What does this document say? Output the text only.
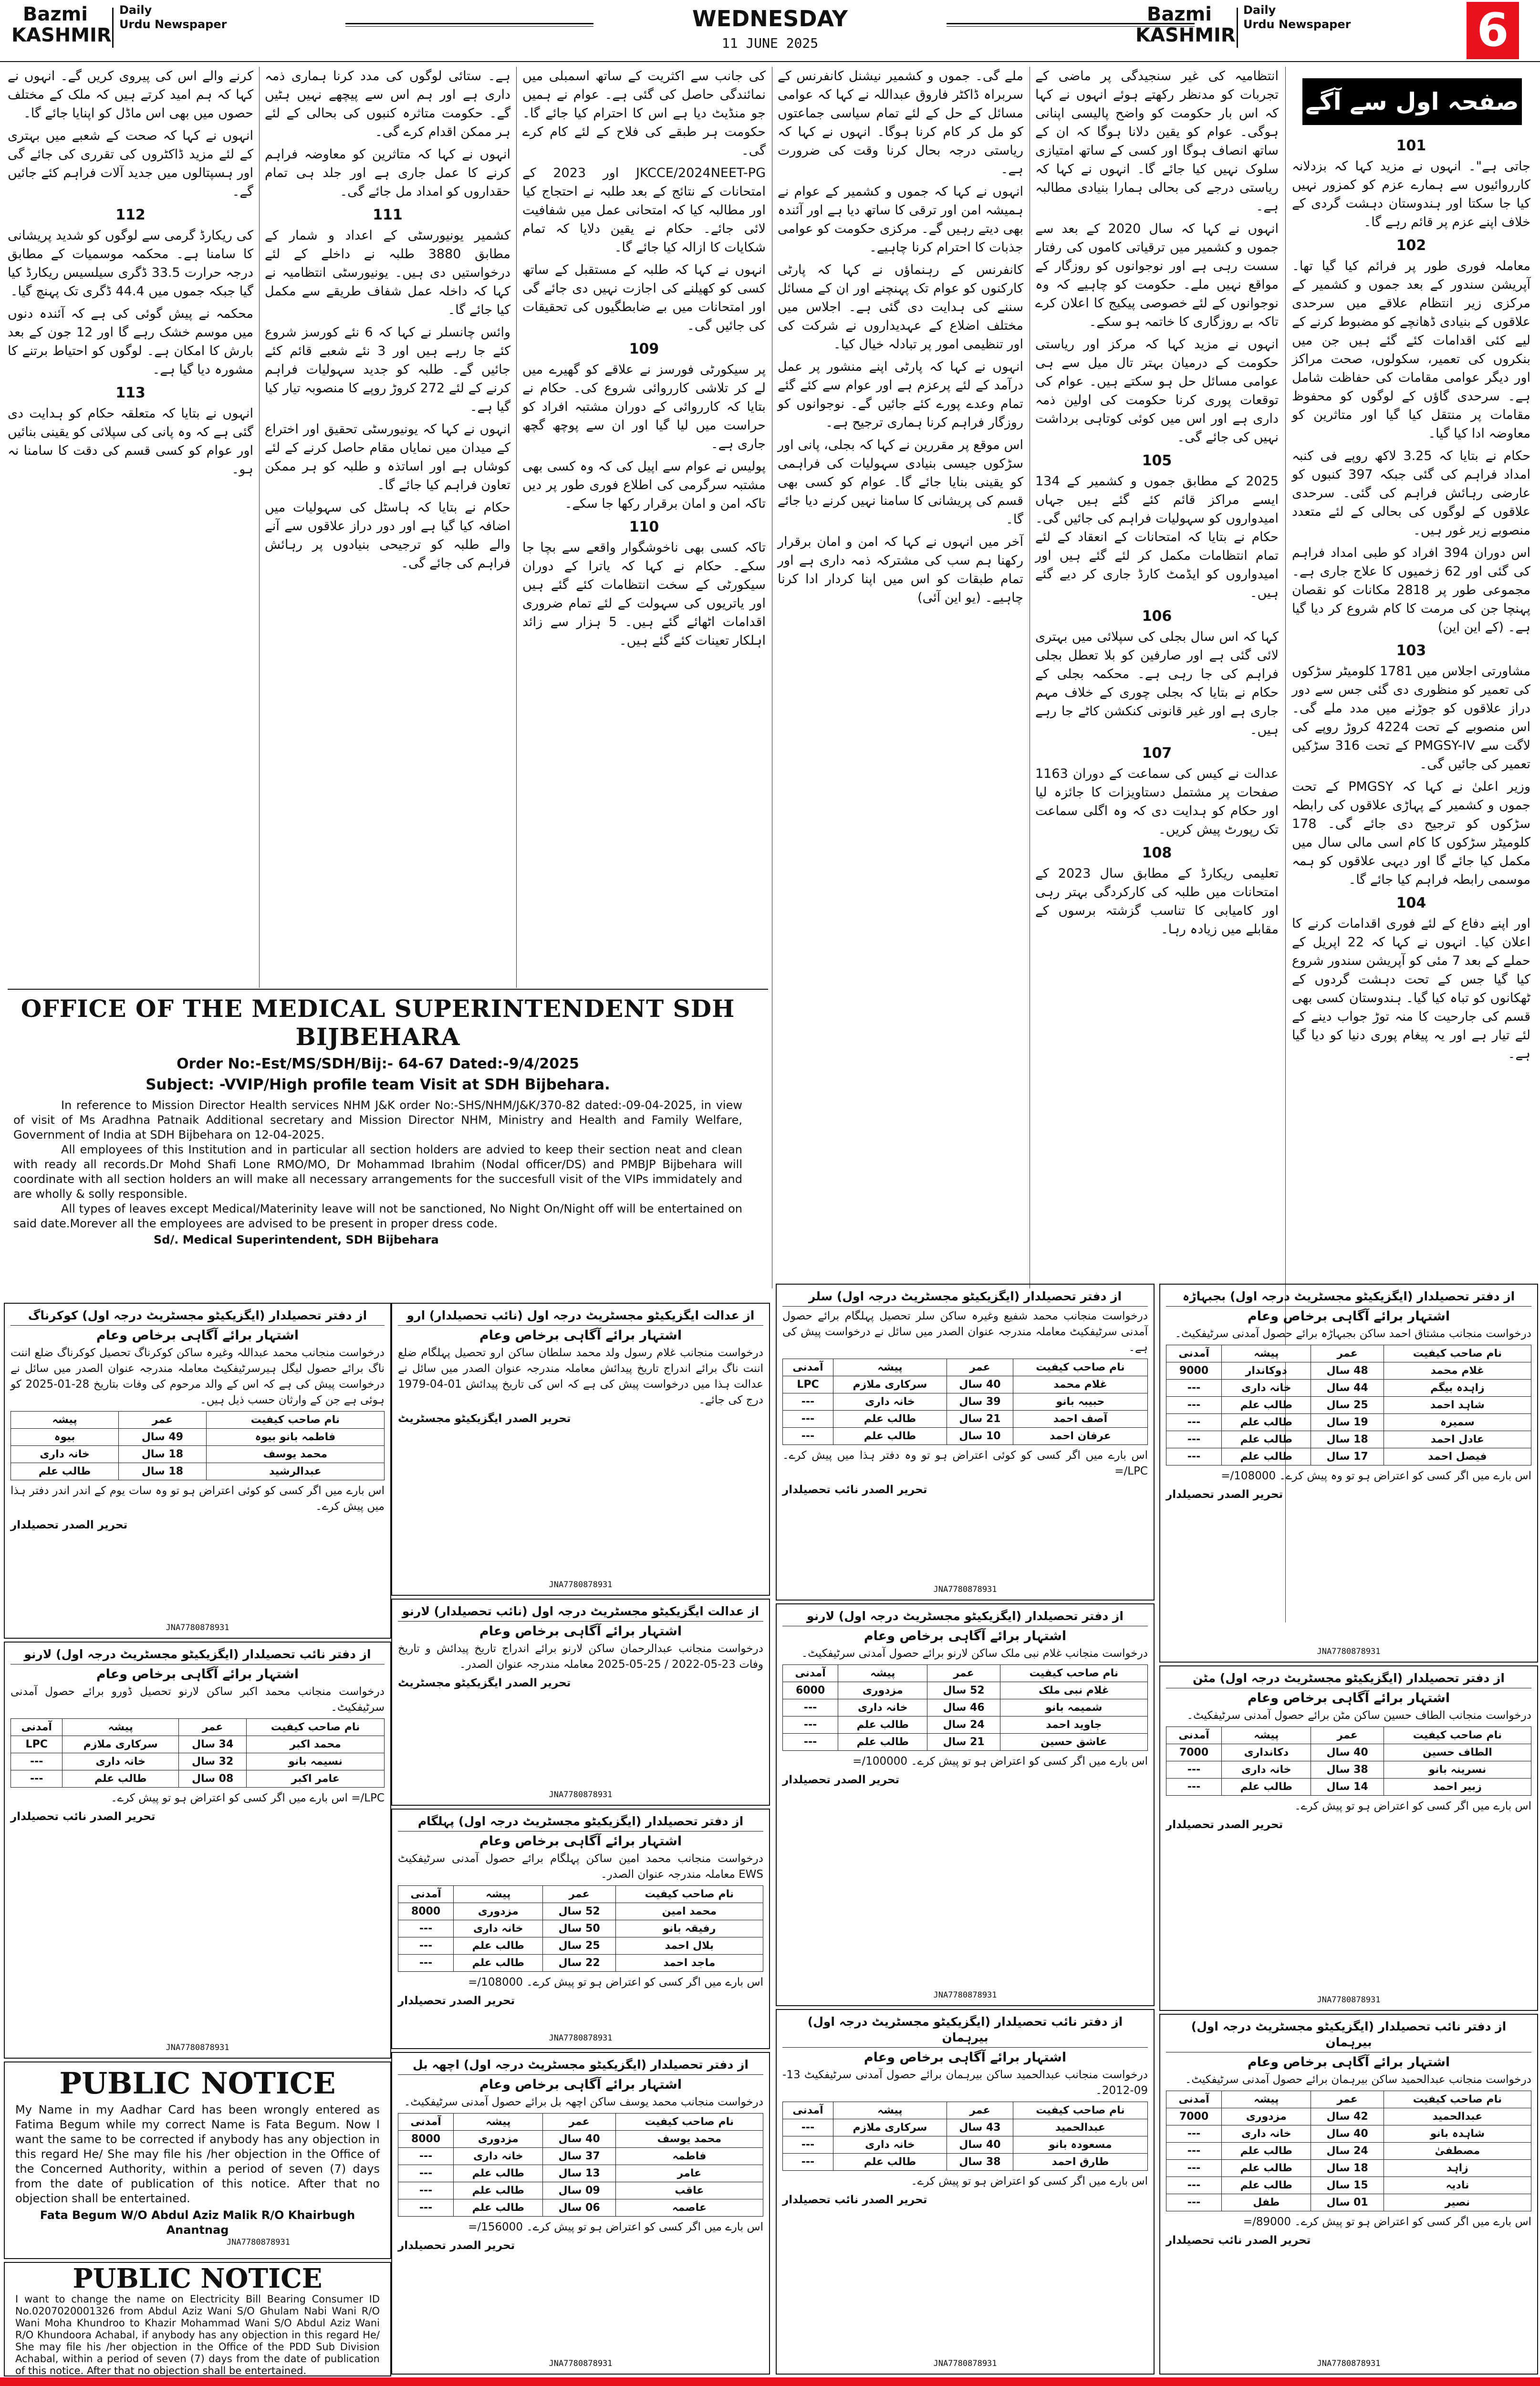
Bazmi
KASHMIR
Daily
Urdu Newspaper	WEDNESDAY
11 JUNE 2025
Bazmi
KASHMIR
Daily
Urdu Newspaper	6
صفحہ اول سے آگے
101

جاتی ہے"۔ انہوں نے مزید کہا کہ بزدلانہ کارروائیوں سے ہمارے عزم کو کمزور نہیں کیا جا سکتا اور ہندوستان دہشت گردی کے خلاف اپنے عزم پر قائم رہے گا۔

102

معاملہ فوری طور پر فرائم کیا گیا تھا۔ آپریشن سندور کے بعد جموں و کشمیر کے مرکزی زیر انتظام علاقے میں سرحدی علاقوں کے بنیادی ڈھانچے کو مضبوط کرنے کے لیے کئی اقدامات کئے گئے ہیں جن میں بنکروں کی تعمیر، سکولوں، صحت مراکز اور دیگر عوامی مقامات کی حفاظت شامل ہے۔ سرحدی گاؤں کے لوگوں کو محفوظ مقامات پر منتقل کیا گیا اور متاثرین کو معاوضہ ادا کیا گیا۔

حکام نے بتایا کہ 3.25 لاکھ روپے فی کنبہ امداد فراہم کی گئی جبکہ 397 کنبوں کو عارضی رہائش فراہم کی گئی۔ سرحدی علاقوں کے لوگوں کی بحالی کے لئے متعدد منصوبے زیر غور ہیں۔

اس دوران 394 افراد کو طبی امداد فراہم کی گئی اور 62 زخمیوں کا علاج جاری ہے۔ مجموعی طور پر 2818 مکانات کو نقصان پہنچا جن کی مرمت کا کام شروع کر دیا گیا ہے۔ (کے این این)

103

مشاورتی اجلاس میں 1781 کلومیٹر سڑکوں کی تعمیر کو منظوری دی گئی جس سے دور دراز علاقوں کو جوڑنے میں مدد ملے گی۔ اس منصوبے کے تحت 4224 کروڑ روپے کی لاگت سے PMGSY-IV کے تحت 316 سڑکیں تعمیر کی جائیں گی۔

وزیر اعلیٰ نے کہا کہ PMGSY کے تحت جموں و کشمیر کے پہاڑی علاقوں کی رابطہ سڑکوں کو ترجیح دی جائے گی۔ 178 کلومیٹر سڑکوں کا کام اسی مالی سال میں مکمل کیا جائے گا اور دیہی علاقوں کو ہمہ موسمی رابطہ فراہم کیا جائے گا۔

104

اور اپنے دفاع کے لئے فوری اقدامات کرنے کا اعلان کیا۔ انہوں نے کہا کہ 22 اپریل کے حملے کے بعد 7 مئی کو آپریشن سندور شروع کیا گیا جس کے تحت دہشت گردوں کے ٹھکانوں کو تباہ کیا گیا۔ ہندوستان کسی بھی قسم کی جارحیت کا منہ توڑ جواب دینے کے لئے تیار ہے اور یہ پیغام پوری دنیا کو دیا گیا ہے۔

انتظامیہ کی غیر سنجیدگی پر ماضی کے تجربات کو مدنظر رکھتے ہوئے انہوں نے کہا کہ اس بار حکومت کو واضح پالیسی اپنانی ہوگی۔ عوام کو یقین دلانا ہوگا کہ ان کے ساتھ انصاف ہوگا اور کسی کے ساتھ امتیازی سلوک نہیں کیا جائے گا۔ انہوں نے کہا کہ ریاستی درجے کی بحالی ہمارا بنیادی مطالبہ ہے۔

انہوں نے کہا کہ سال 2020 کے بعد سے جموں و کشمیر میں ترقیاتی کاموں کی رفتار سست رہی ہے اور نوجوانوں کو روزگار کے مواقع نہیں ملے۔ حکومت کو چاہیے کہ وہ نوجوانوں کے لئے خصوصی پیکیج کا اعلان کرے تاکہ بے روزگاری کا خاتمہ ہو سکے۔

انہوں نے مزید کہا کہ مرکز اور ریاستی حکومت کے درمیان بہتر تال میل سے ہی عوامی مسائل حل ہو سکتے ہیں۔ عوام کی توقعات پوری کرنا حکومت کی اولین ذمہ داری ہے اور اس میں کوئی کوتاہی برداشت نہیں کی جائے گی۔

105

2025 کے مطابق جموں و کشمیر کے 134 ایسے مراکز قائم کئے گئے ہیں جہاں امیدواروں کو سہولیات فراہم کی جائیں گی۔ حکام نے بتایا کہ امتحانات کے انعقاد کے لئے تمام انتظامات مکمل کر لئے گئے ہیں اور امیدواروں کو ایڈمٹ کارڈ جاری کر دیے گئے ہیں۔

106

کہا کہ اس سال بجلی کی سپلائی میں بہتری لائی گئی ہے اور صارفین کو بلا تعطل بجلی فراہم کی جا رہی ہے۔ محکمہ بجلی کے حکام نے بتایا کہ بجلی چوری کے خلاف مہم جاری ہے اور غیر قانونی کنکشن کاٹے جا رہے ہیں۔

107

عدالت نے کیس کی سماعت کے دوران 1163 صفحات پر مشتمل دستاویزات کا جائزہ لیا اور حکام کو ہدایت دی کہ وہ اگلی سماعت تک رپورٹ پیش کریں۔

108

تعلیمی ریکارڈ کے مطابق سال 2023 کے امتحانات میں طلبہ کی کارکردگی بہتر رہی اور کامیابی کا تناسب گزشتہ برسوں کے مقابلے میں زیادہ رہا۔

ملے گی۔ جموں و کشمیر نیشنل کانفرنس کے سربراہ ڈاکٹر فاروق عبداللہ نے کہا کہ عوامی مسائل کے حل کے لئے تمام سیاسی جماعتوں کو مل کر کام کرنا ہوگا۔ انہوں نے کہا کہ ریاستی درجہ بحال کرنا وقت کی ضرورت ہے۔

انہوں نے کہا کہ جموں و کشمیر کے عوام نے ہمیشہ امن اور ترقی کا ساتھ دیا ہے اور آئندہ بھی دیتے رہیں گے۔ مرکزی حکومت کو عوامی جذبات کا احترام کرنا چاہیے۔

کانفرنس کے رہنماؤں نے کہا کہ پارٹی کارکنوں کو عوام تک پہنچنے اور ان کے مسائل سننے کی ہدایت دی گئی ہے۔ اجلاس میں مختلف اضلاع کے عہدیداروں نے شرکت کی اور تنظیمی امور پر تبادلہ خیال کیا۔

انہوں نے کہا کہ پارٹی اپنے منشور پر عمل درآمد کے لئے پرعزم ہے اور عوام سے کئے گئے تمام وعدے پورے کئے جائیں گے۔ نوجوانوں کو روزگار فراہم کرنا ہماری ترجیح ہے۔

اس موقع پر مقررین نے کہا کہ بجلی، پانی اور سڑکوں جیسی بنیادی سہولیات کی فراہمی کو یقینی بنایا جائے گا۔ عوام کو کسی بھی قسم کی پریشانی کا سامنا نہیں کرنے دیا جائے گا۔

آخر میں انہوں نے کہا کہ امن و امان برقرار رکھنا ہم سب کی مشترکہ ذمہ داری ہے اور تمام طبقات کو اس میں اپنا کردار ادا کرنا چاہیے۔ (یو این آئی)

کی جانب سے اکثریت کے ساتھ اسمبلی میں نمائندگی حاصل کی گئی ہے۔ عوام نے ہمیں جو منڈیٹ دیا ہے اس کا احترام کیا جائے گا۔ حکومت ہر طبقے کی فلاح کے لئے کام کرے گی۔

JKCCE/2024NEET-PG اور 2023 کے امتحانات کے نتائج کے بعد طلبہ نے احتجاج کیا اور مطالبہ کیا کہ امتحانی عمل میں شفافیت لائی جائے۔ حکام نے یقین دلایا کہ تمام شکایات کا ازالہ کیا جائے گا۔

انہوں نے کہا کہ طلبہ کے مستقبل کے ساتھ کسی کو کھیلنے کی اجازت نہیں دی جائے گی اور امتحانات میں بے ضابطگیوں کی تحقیقات کی جائیں گی۔

109

پر سیکورٹی فورسز نے علاقے کو گھیرے میں لے کر تلاشی کارروائی شروع کی۔ حکام نے بتایا کہ کارروائی کے دوران مشتبہ افراد کو حراست میں لیا گیا اور ان سے پوچھ گچھ جاری ہے۔

پولیس نے عوام سے اپیل کی کہ وہ کسی بھی مشتبہ سرگرمی کی اطلاع فوری طور پر دیں تاکہ امن و امان برقرار رکھا جا سکے۔

110

تاکہ کسی بھی ناخوشگوار واقعے سے بچا جا سکے۔ حکام نے کہا کہ یاترا کے دوران سیکورٹی کے سخت انتظامات کئے گئے ہیں اور یاتریوں کی سہولت کے لئے تمام ضروری اقدامات اٹھائے گئے ہیں۔ 5 ہزار سے زائد اہلکار تعینات کئے گئے ہیں۔

ہے۔ ستائی لوگوں کی مدد کرنا ہماری ذمہ داری ہے اور ہم اس سے پیچھے نہیں ہٹیں گے۔ حکومت متاثرہ کنبوں کی بحالی کے لئے ہر ممکن اقدام کرے گی۔

انہوں نے کہا کہ متاثرین کو معاوضہ فراہم کرنے کا عمل جاری ہے اور جلد ہی تمام حقداروں کو امداد مل جائے گی۔

111

کشمیر یونیورسٹی کے اعداد و شمار کے مطابق 3880 طلبہ نے داخلے کے لئے درخواستیں دی ہیں۔ یونیورسٹی انتظامیہ نے کہا کہ داخلہ عمل شفاف طریقے سے مکمل کیا جائے گا۔

وائس چانسلر نے کہا کہ 6 نئے کورسز شروع کئے جا رہے ہیں اور 3 نئے شعبے قائم کئے جائیں گے۔ طلبہ کو جدید سہولیات فراہم کرنے کے لئے 272 کروڑ روپے کا منصوبہ تیار کیا گیا ہے۔

انہوں نے کہا کہ یونیورسٹی تحقیق اور اختراع کے میدان میں نمایاں مقام حاصل کرنے کے لئے کوشاں ہے اور اساتذہ و طلبہ کو ہر ممکن تعاون فراہم کیا جائے گا۔

حکام نے بتایا کہ ہاسٹل کی سہولیات میں اضافہ کیا گیا ہے اور دور دراز علاقوں سے آنے والے طلبہ کو ترجیحی بنیادوں پر رہائش فراہم کی جائے گی۔

کرنے والے اس کی پیروی کریں گے۔ انہوں نے کہا کہ ہم امید کرتے ہیں کہ ملک کے مختلف حصوں میں بھی اس ماڈل کو اپنایا جائے گا۔

انہوں نے کہا کہ صحت کے شعبے میں بہتری کے لئے مزید ڈاکٹروں کی تقرری کی جائے گی اور ہسپتالوں میں جدید آلات فراہم کئے جائیں گے۔

112

کی ریکارڈ گرمی سے لوگوں کو شدید پریشانی کا سامنا ہے۔ محکمہ موسمیات کے مطابق درجہ حرارت 33.5 ڈگری سیلسیس ریکارڈ کیا گیا جبکہ جموں میں 44.4 ڈگری تک پہنچ گیا۔

محکمہ نے پیش گوئی کی ہے کہ آئندہ دنوں میں موسم خشک رہے گا اور 12 جون کے بعد بارش کا امکان ہے۔ لوگوں کو احتیاط برتنے کا مشورہ دیا گیا ہے۔

113

انہوں نے بتایا کہ متعلقہ حکام کو ہدایت دی گئی ہے کہ وہ پانی کی سپلائی کو یقینی بنائیں اور عوام کو کسی قسم کی دقت کا سامنا نہ ہو۔

OFFICE OF THE MEDICAL SUPERINTENDENT SDH BIJBEHARA
Order No:-Est/MS/SDH/Bij:- 64-67 Dated:-9/4/2025
Subject: -VVIP/High profile team Visit at SDH Bijbehara.

In reference to Mission Director Health services NHM J&K order No:-SHS/NHM/J&K/370-82 dated:-09-04-2025, in view of visit of Ms Aradhna Patnaik Additional secretary and Mission Director NHM, Ministry and Health and Family Welfare, Government of India at SDH Bijbehara on 12-04-2025.

All employees of this Institution and in particular all section holders are advied to keep their section neat and clean with ready all records.Dr Mohd Shafi Lone RMO/MO, Dr Mohammad Ibrahim (Nodal officer/DS) and PMBJP Bijbehara will coordinate with all section holders an will make all necessary arrangements for the succesfull visit of the VIPs immidately and are wholly & solly responsible.

All types of leaves except Medical/Materinity leave will not be sanctioned, No Night On/Night off will be entertained on said date.Morever all the employees are advised to be present in proper dress code.

Sd/. Medical Superintendent, SDH Bijbehara
از دفتر تحصیلدار (ایگزیکیٹو مجسٹریٹ درجہ اول) کوکرناگ
اشتہار برائے آگاہی برخاص وعام

درخواست منجانب محمد عبداللہ وغیرہ ساکن کوکرناگ تحصیل کوکرناگ ضلع اننت ناگ برائے حصول لیگل ہیرسرٹیفکیٹ معاملہ مندرجہ عنوان الصدر میں سائل نے درخواست پیش کی ہے کہ اس کے والد مرحوم کی وفات بتاریخ 28-01-2025 کو ہوئی ہے جن کے وارثان حسب ذیل ہیں۔

نام صاحب کیفیت	عمر	پیشہ
فاطمہ بانو بیوہ	49 سال	بیوہ
محمد یوسف	18 سال	خانہ داری
عبدالرشید	18 سال	طالب علم

اس بارے میں اگر کسی کو کوئی اعتراض ہو تو وہ سات یوم کے اندر اندر دفتر ہذا میں پیش کرے۔

تحریر الصدر تحصیلدار
JNA7780878931
از دفتر نائب تحصیلدار (ایگزیکیٹو مجسٹریٹ درجہ اول) لارنو
اشتہار برائے آگاہی برخاص وعام

درخواست منجانب محمد اکبر ساکن لارنو تحصیل ڈورو برائے حصول آمدنی سرٹیفکیٹ۔

نام صاحب کیفیت	عمر	پیشہ	آمدنی
محمد اکبر	34 سال	سرکاری ملازم	LPC
نسیمہ بانو	32 سال	خانہ داری	---
عامر اکبر	08 سال	طالب علم	---

LPC/= اس بارے میں اگر کسی کو اعتراض ہو تو پیش کرے۔

تحریر الصدر نائب تحصیلدار
JNA7780878931
PUBLIC NOTICE
My Name in my Aadhar Card has been wrongly entered as Fatima Begum while my correct Name is Fata Begum. Now I want the same to be corrected if anybody has any objection in this regard He/ She may file his /her objection in the Office of the Concerned Authority, within a period of seven (7) days from the date of publication of this notice. After that no objection shall be entertained.
Fata Begum W/O Abdul Aziz Malik R/O Khairbugh Anantnag
JNA7780878931
PUBLIC NOTICE
I want to change the name on Electricity Bill Bearing Consumer ID No.0207020001326 from Abdul Aziz Wani S/O Ghulam Nabi Wani R/O Wani Moha Khundroo to Khazir Mohammad Wani S/O Abdul Aziz Wani R/O Khundoora Achabal, if anybody has any objection in this regard He/ She may file his /her objection in the Office of the PDD Sub Division Achabal, within a period of seven (7) days from the date of publication of this notice. After that no objection shall be entertained.
از عدالت ایگزیکیٹو مجسٹریٹ درجہ اول (نائب تحصیلدار) ارو
اشتہار برائے آگاہی برخاص وعام

درخواست منجانب غلام رسول ولد محمد سلطان ساکن ارو تحصیل پہلگام ضلع اننت ناگ برائے اندراج تاریخ پیدائش معاملہ مندرجہ عنوان الصدر میں سائل نے عدالت ہذا میں درخواست پیش کی ہے کہ اس کی تاریخ پیدائش 01-04-1979 درج کی جائے۔

تحریر الصدر ایگزیکیٹو مجسٹریٹ
JNA7780878931
از عدالت ایگزیکیٹو مجسٹریٹ درجہ اول (نائب تحصیلدار) لارنو
اشتہار برائے آگاہی برخاص وعام

درخواست منجانب عبدالرحمان ساکن لارنو برائے اندراج تاریخ پیدائش و تاریخ وفات 23-05-2022 / 25-05-2025 معاملہ مندرجہ عنوان الصدر۔

تحریر الصدر ایگزیکیٹو مجسٹریٹ
JNA7780878931
از دفتر تحصیلدار (ایگزیکیٹو مجسٹریٹ درجہ اول) پہلگام
اشتہار برائے آگاہی برخاص وعام

درخواست منجانب محمد امین ساکن پہلگام برائے حصول آمدنی سرٹیفکیٹ EWS معاملہ مندرجہ عنوان الصدر۔

نام صاحب کیفیت	عمر	پیشہ	آمدنی
محمد امین	52 سال	مزدوری	8000
رفیقہ بانو	50 سال	خانہ داری	---
بلال احمد	25 سال	طالب علم	---
ماجد احمد	22 سال	طالب علم	---

اس بارے میں اگر کسی کو اعتراض ہو تو پیش کرے۔ 108000/=

تحریر الصدر تحصیلدار
JNA7780878931
از دفتر تحصیلدار (ایگزیکیٹو مجسٹریٹ درجہ اول) اچھہ بل
اشتہار برائے آگاہی برخاص وعام

درخواست منجانب محمد یوسف ساکن اچھہ بل برائے حصول آمدنی سرٹیفکیٹ۔

نام صاحب کیفیت	عمر	پیشہ	آمدنی
محمد یوسف	40 سال	مزدوری	8000
فاطمہ	37 سال	خانہ داری	---
عامر	13 سال	طالب علم	---
عاقب	09 سال	طالب علم	---
عاصمہ	06 سال	طالب علم	---

اس بارے میں اگر کسی کو اعتراض ہو تو پیش کرے۔ 156000/=

تحریر الصدر تحصیلدار
JNA7780878931
از دفتر تحصیلدار (ایگزیکیٹو مجسٹریٹ درجہ اول) سلر

درخواست منجانب محمد شفیع وغیرہ ساکن سلر تحصیل پہلگام برائے حصول آمدنی سرٹیفکیٹ معاملہ مندرجہ عنوان الصدر میں سائل نے درخواست پیش کی ہے۔

نام صاحب کیفیت	عمر	پیشہ	آمدنی
غلام محمد	40 سال	سرکاری ملازم	LPC
حبیبہ بانو	39 سال	خانہ داری	---
آصف احمد	21 سال	طالب علم	---
عرفان احمد	10 سال	طالب علم	---

اس بارے میں اگر کسی کو کوئی اعتراض ہو تو وہ دفتر ہذا میں پیش کرے۔ LPC/=

تحریر الصدر نائب تحصیلدار
JNA7780878931
از دفتر تحصیلدار (ایگزیکیٹو مجسٹریٹ درجہ اول) لارنو
اشتہار برائے آگاہی برخاص وعام

درخواست منجانب غلام نبی ملک ساکن لارنو برائے حصول آمدنی سرٹیفکیٹ۔

نام صاحب کیفیت	عمر	پیشہ	آمدنی
غلام نبی ملک	52 سال	مزدوری	6000
شمیمہ بانو	46 سال	خانہ داری	---
جاوید احمد	24 سال	طالب علم	---
عاشق حسین	21 سال	طالب علم	---

اس بارے میں اگر کسی کو اعتراض ہو تو پیش کرے۔ 100000/=

تحریر الصدر تحصیلدار
JNA7780878931
از دفتر نائب تحصیلدار (ایگزیکیٹو مجسٹریٹ درجہ اول) بیرہمان
اشتہار برائے آگاہی برخاص وعام

درخواست منجانب عبدالحمید ساکن بیرہمان برائے حصول آمدنی سرٹیفکیٹ 13-09-2012۔

نام صاحب کیفیت	عمر	پیشہ	آمدنی
عبدالحمید	43 سال	سرکاری ملازم	---
مسعودہ بانو	40 سال	خانہ داری	---
طارق احمد	38 سال	طالب علم	---

اس بارے میں اگر کسی کو اعتراض ہو تو پیش کرے۔

تحریر الصدر نائب تحصیلدار
JNA7780878931
از دفتر تحصیلدار (ایگزیکیٹو مجسٹریٹ درجہ اول) بجبہاڑہ
اشتہار برائے آگاہی برخاص وعام

درخواست منجانب مشتاق احمد ساکن بجبہاڑہ برائے حصول آمدنی سرٹیفکیٹ۔

نام صاحب کیفیت	عمر	پیشہ	آمدنی
غلام محمد	48 سال	دوکاندار	9000
زاہدہ بیگم	44 سال	خانہ داری	---
شاہد احمد	25 سال	طالب علم	---
سمیرہ	19 سال	طالب علم	---
عادل احمد	18 سال	طالب علم	---
فیصل احمد	17 سال	طالب علم	---

اس بارے میں اگر کسی کو اعتراض ہو تو وہ پیش کرے۔ 108000/=

تحریر الصدر تحصیلدار
JNA7780878931
از دفتر تحصیلدار (ایگزیکیٹو مجسٹریٹ درجہ اول) مٹن
اشتہار برائے آگاہی برخاص وعام

درخواست منجانب الطاف حسین ساکن مٹن برائے حصول آمدنی سرٹیفکیٹ۔

نام صاحب کیفیت	عمر	پیشہ	آمدنی
الطاف حسین	40 سال	دکانداری	7000
نسرینہ بانو	38 سال	خانہ داری	---
زبیر احمد	14 سال	طالب علم	---

اس بارے میں اگر کسی کو اعتراض ہو تو پیش کرے۔

تحریر الصدر تحصیلدار
JNA7780878931
از دفتر نائب تحصیلدار (ایگزیکیٹو مجسٹریٹ درجہ اول) بیرہمان
اشتہار برائے آگاہی برخاص وعام

درخواست منجانب عبدالحمید ساکن بیرہمان برائے حصول آمدنی سرٹیفکیٹ۔

نام صاحب کیفیت	عمر	پیشہ	آمدنی
عبدالحمید	42 سال	مزدوری	7000
شاہدہ بانو	40 سال	خانہ داری	---
مصطفیٰ	24 سال	طالب علم	---
زاہد	18 سال	طالب علم	---
نادیہ	15 سال	طالب علم	---
نصیر	01 سال	طفل	---

اس بارے میں اگر کسی کو اعتراض ہو تو پیش کرے۔ 89000/=

تحریر الصدر نائب تحصیلدار
JNA7780878931
